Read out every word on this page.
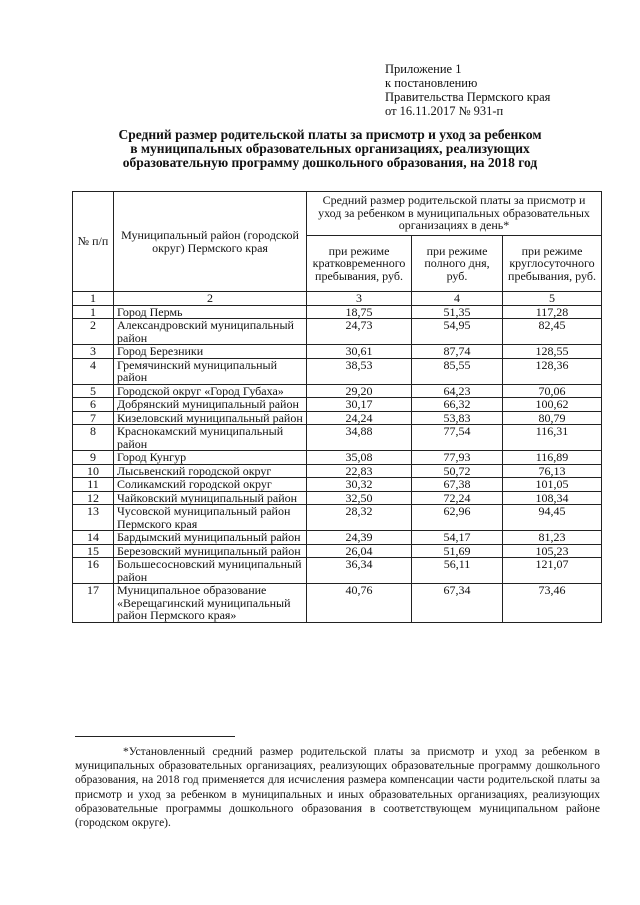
Приложение 1
к постановлению
Правительства Пермского края
от 16.11.2017 № 931-п
Средний размер родительской платы за присмотр и уход за ребенком
в муниципальных образовательных организациях, реализующих
образовательную программу дошкольного образования, на 2018 год
№ п/п	Муниципальный район (городской округ) Пермского края	Средний размер родительской платы за присмотр и уход за ребенком в муниципальных образовательных организациях в день*		
		при режиме кратковременного пребывания, руб.	при режиме полного дня, руб.	при режиме круглосуточного пребывания, руб.
1	2	3	4	5
1	Город Пермь	18,75	51,35	117,28
2	Александровский муниципальный район	24,73	54,95	82,45
3	Город Березники	30,61	87,74	128,55
4	Гремячинский муниципальный район	38,53	85,55	128,36
5	Городской округ «Город Губаха»	29,20	64,23	70,06
6	Добрянский муниципальный район	30,17	66,32	100,62
7	Кизеловский муниципальный район	24,24	53,83	80,79
8	Краснокамский муниципальный район	34,88	77,54	116,31
9	Город Кунгур	35,08	77,93	116,89
10	Лысьвенский городской округ	22,83	50,72	76,13
11	Соликамский городской округ	30,32	67,38	101,05
12	Чайковский муниципальный район	32,50	72,24	108,34
13	Чусовской муниципальный район Пермского края	28,32	62,96	94,45
14	Бардымский муниципальный район	24,39	54,17	81,23
15	Березовский муниципальный район	26,04	51,69	105,23
16	Большесосновский муниципальный район	36,34	56,11	121,07
17	Муниципальное образование «Верещагинский муниципальный район Пермского края»	40,76	67,34	73,46
*Установленный средний размер родительской платы за присмотр и уход за ребенком в муниципальных образовательных организациях, реализующих образовательные программу дошкольного образования, на 2018 год применяется для исчисления размера компенсации части родительской платы за присмотр и уход за ребенком в муниципальных и иных образовательных организациях, реализующих образовательные программы дошкольного образования в соответствующем муниципальном районе (городском округе).
